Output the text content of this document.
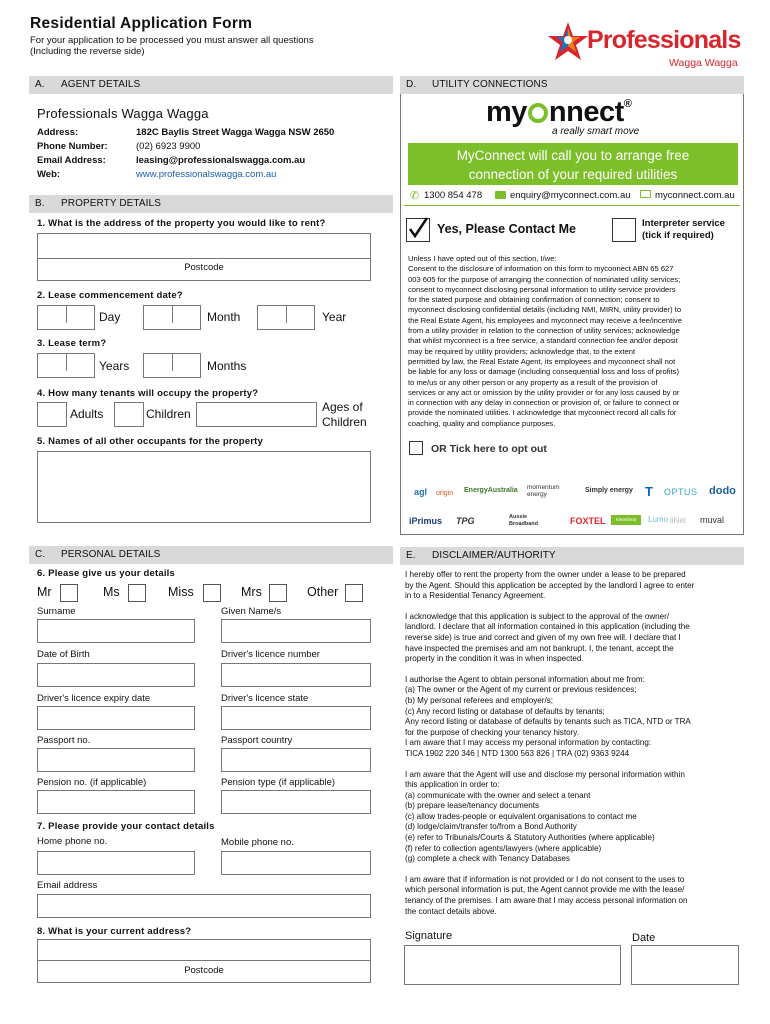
Residential Application Form
For your application to be processed you must answer all questions
(Including the reverse side)	Professionals
Wagga Wagga
A. AGENT DETAILS
Professionals Wagga Wagga
Address:	182C Baylis Street Wagga Wagga NSW 2650
Phone Number:	(02) 6923 9900
Email Address:	leasing@professionalswagga.com.au
Web:	www.professionalswagga.com.au
B. PROPERTY DETAILS
1. What is the address of the property you would like to rent?
Postcode
2. Lease commencement date?
Day	Month	Year
3. Lease term?
Years	Months
4. How many tenants will occupy the property?
Adults	Children	Ages of
Children
5. Names of all other occupants for the property
C. PERSONAL DETAILS
6. Please give us your details
Mr	Ms	Miss	Mrs	Other
Surname	Given Name/s
Date of Birth	Driver's licence number
Driver's licence expiry date	Driver's licence state
Passport no.	Passport country
Pension no. (if applicable)	Pension type (if applicable)
7. Please provide your contact details
Home phone no.	Mobile phone no.
Email address
8. What is your current address?
Postcode
D. UTILITY CONNECTIONS
my nnect®
a really smart move
MyConnect will call you to arrange free
connection of your required utilities
✆ 1300 854 478	enquiry@myconnect.com.au	myconnect.com.au
Yes, Please Contact Me	Interpreter service
(tick if required)
Unless I have opted out of this section, I/we:
Consent to the disclosure of information on this form to myconnect ABN 65 627
003 605 for the purpose of arranging the connection of nominated utility services;
consent to myconnect disclosing personal information to utility service providers
for the stated purpose and obtaining confirmation of connection; consent to
myconnect disclosing confidential details (including NMI, MIRN, utility provider) to
the Real Estate Agent, his employees and myconnect may receive a fee/incentive
from a utility provider in relation to the connection of utility services; acknowledge
that whilst myconnect is a free service, a standard connection fee and/or deposit
may be required by utility providers; acknowledge that, to the extent
permitted by law, the Real Estate Agent, its employees and myconnect shall not
be liable for any loss or damage (including consequential loss and loss of profits)
to me/us or any other person or any property as a result of the provision of
services or any act or omission by the utility provider or for any loss caused by or
in connection with any delay in connection or provision of, or failure to connect or
provide the nominated utilities. I acknowledge that myconnect record all calls for
coaching, quality and compliance purposes.
OR Tick here to opt out
agl origin EnergyAustralia momentum energy
Simply energy T OPTUS dodo
iPrimus TPG	Aussie Broadband	FOXTEL	Kleenheat	Lumo iiNet muval
E. DISCLAIMER/AUTHORITY
I hereby offer to rent the property from the owner under a lease to be prepared
by the Agent. Should this application be accepted by the landlord I agree to enter
in to a Residential Tenancy Agreement.
I acknowledge that this application is subject to the approval of the owner/
landlord. I declare that all information contained in this application (including the
reverse side) is true and correct and given of my own free will. I declare that I
have inspected the premises and am not bankrupt. I, the tenant, accept the
property in the condition it was in when inspected.
I authorise the Agent to obtain personal information about me from:
(a) The owner or the Agent of my current or previous residences;
(b) My personal referees and employer/s;
(c) Any record listing or database of defaults by tenants;
Any record listing or database of defaults by tenants such as TICA, NTD or TRA
for the purpose of checking your tenancy history.
I am aware that I may access my personal information by contacting:
TICA 1902 220 346 | NTD 1300 563 826 | TRA (02) 9363 9244
I am aware that the Agent will use and disclose my personal information within
this application in order to:
(a) communicate with the owner and select a tenant
(b) prepare lease/tenancy documents
(c) allow trades-people or equivalent organisations to contact me
(d) lodge/claim/transfer to/from a Bond Authority
(e) refer to Tribunals/Courts & Statutory Authorities (where applicable)
(f) refer to collection agents/lawyers (where applicable)
(g) complete a check with Tenancy Databases
I am aware that if information is not provided or I do not consent to the uses to
which personal information is put, the Agent cannot provide me with the lease/
tenancy of the premises. I am aware that I may access personal information on
the contact details above.
Signature	Date
